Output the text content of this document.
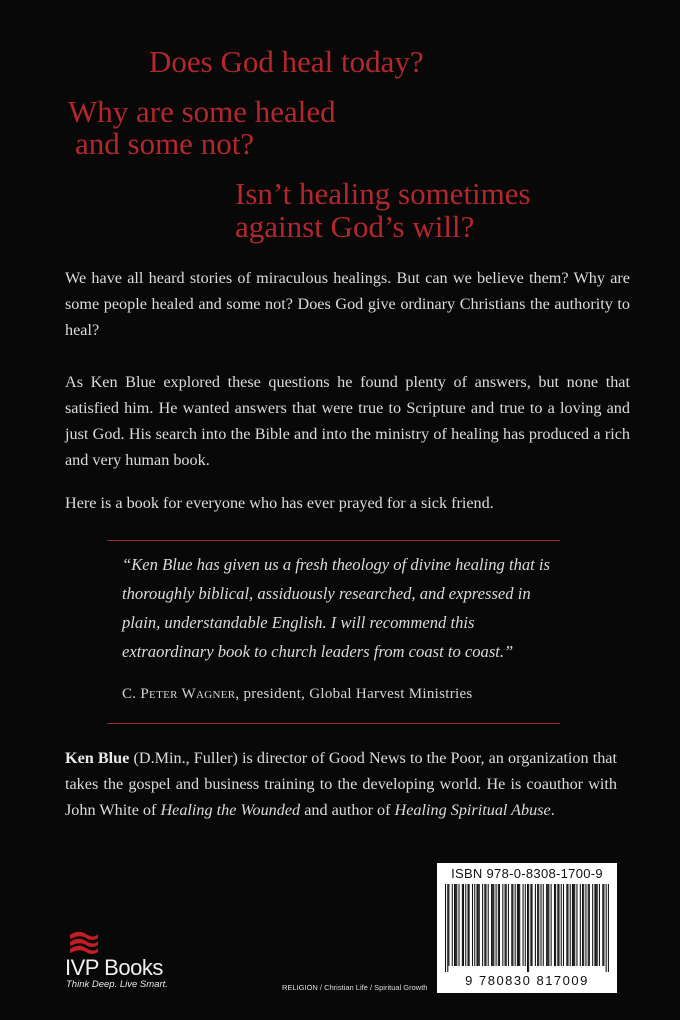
Does God heal today?
Why are some healed
and some not?
Isn’t healing sometimes
against God’s will?

We have all heard stories of miraculous healings. But can we believe them? Why are some people healed and some not? Does God give ordinary Christians the authority to heal?

As Ken Blue explored these questions he found plenty of answers, but none that satisfied him. He wanted answers that were true to Scripture and true to a loving and just God. His search into the Bible and into the ministry of healing has produced a rich and very human book.

Here is a book for everyone who has ever prayed for a sick friend.

“Ken Blue has given us a fresh theology of divine healing that is thoroughly biblical, assiduously researched, and expressed in plain, understandable English. I will recommend this extraordinary book to church leaders from coast to coast.”

C. Peter Wagner, president, Global Harvest Ministries

Ken Blue (D.Min., Fuller) is director of Good News to the Poor, an organization that takes the gospel and business training to the developing world. He is coauthor with John White of Healing the Wounded and author of Healing Spiritual Abuse.

IVP Books
Think Deep. Live Smart.	RELIGION / Christian Life / Spiritual Growth
ISBN 978-0-8308-1700-9
9 780830 817009
